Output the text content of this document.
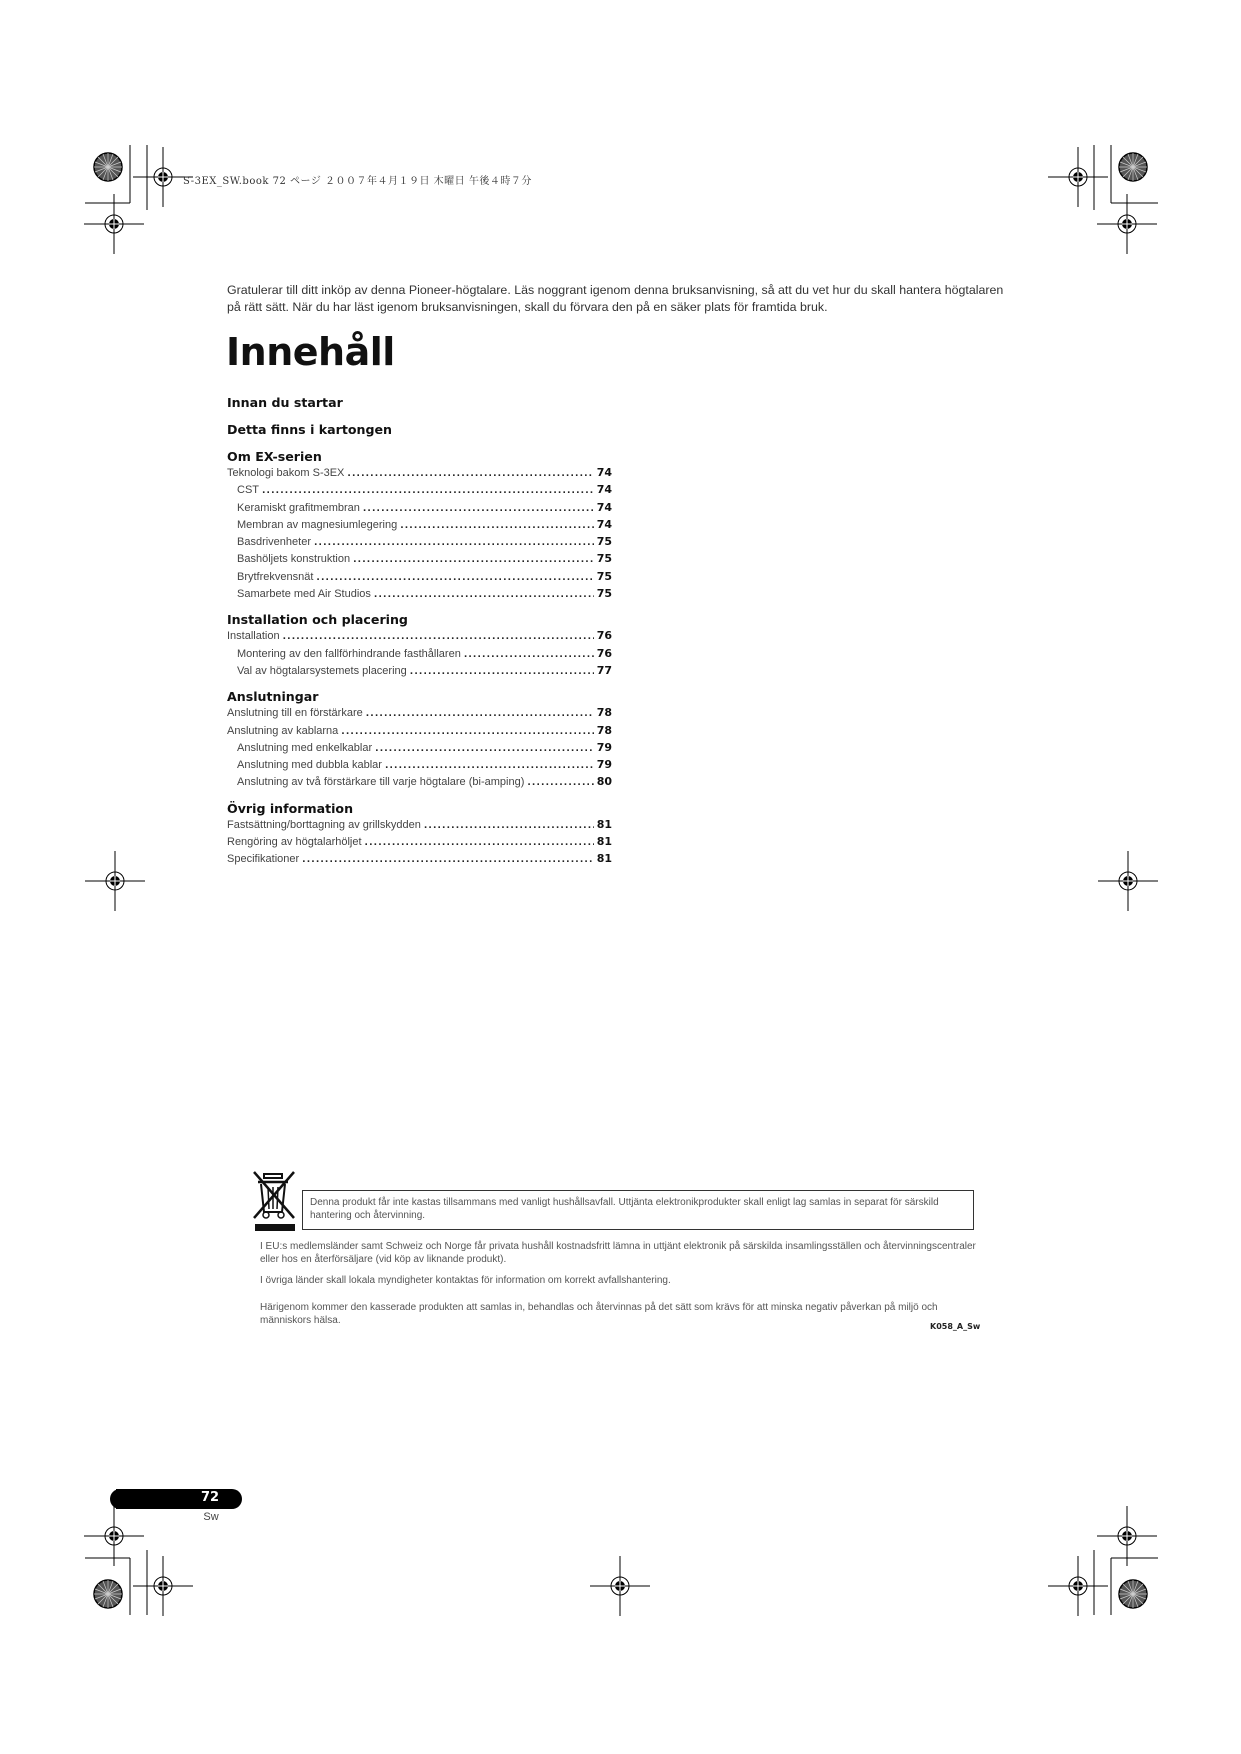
S-3EX_SW.book 72 ページ ２００７年４月１９日 木曜日 午後４時７分
Gratulerar till ditt inköp av denna Pioneer-högtalare. Läs noggrant igenom denna bruksanvisning, så att du vet hur du skall hantera högtalaren på rätt sätt. När du har läst igenom bruksanvisningen, skall du förvara den på en säker plats för framtida bruk.
Innehåll
Innan du startar
Detta finns i kartongen
Om EX-serien
Teknologi bakom S-3EX . . .	74
CST . . .	74
Keramiskt grafitmembran . . .	74
Membran av magnesiumlegering . . .	74
Basdrivenheter . . .	75
Bashöljets konstruktion . . .	75
Brytfrekvensnät . . .	75
Samarbete med Air Studios . . .	75
Installation och placering
Installation . . .	76
Montering av den fallförhindrande fasthållaren . . .	76
Val av högtalarsystemets placering . . .	77
Anslutningar
Anslutning till en förstärkare . . .	78
Anslutning av kablarna . . .	78
Anslutning med enkelkablar . . .	79
Anslutning med dubbla kablar . . .	79
Anslutning av två förstärkare till varje högtalare (bi-amping) . . .	80
Övrig information
Fastsättning/borttagning av grillskydden . . .	81
Rengöring av högtalarhöljet . . .	81
Specifikationer . . .	81
Denna produkt får inte kastas tillsammans med vanligt hushållsavfall. Uttjänta elektronikprodukter skall enligt lag samlas in separat för särskild hantering och återvinning.
I EU:s medlemsländer samt Schweiz och Norge får privata hushåll kostnadsfritt lämna in uttjänt elektronik på särskilda insamlingsställen och återvinningscentraler eller hos en återförsäljare (vid köp av liknande produkt).
I övriga länder skall lokala myndigheter kontaktas för information om korrekt avfallshantering.
Härigenom kommer den kasserade produkten att samlas in, behandlas och återvinnas på det sätt som krävs för att minska negativ påverkan på miljö och människors hälsa.
K058_A_Sw
72
Sw
